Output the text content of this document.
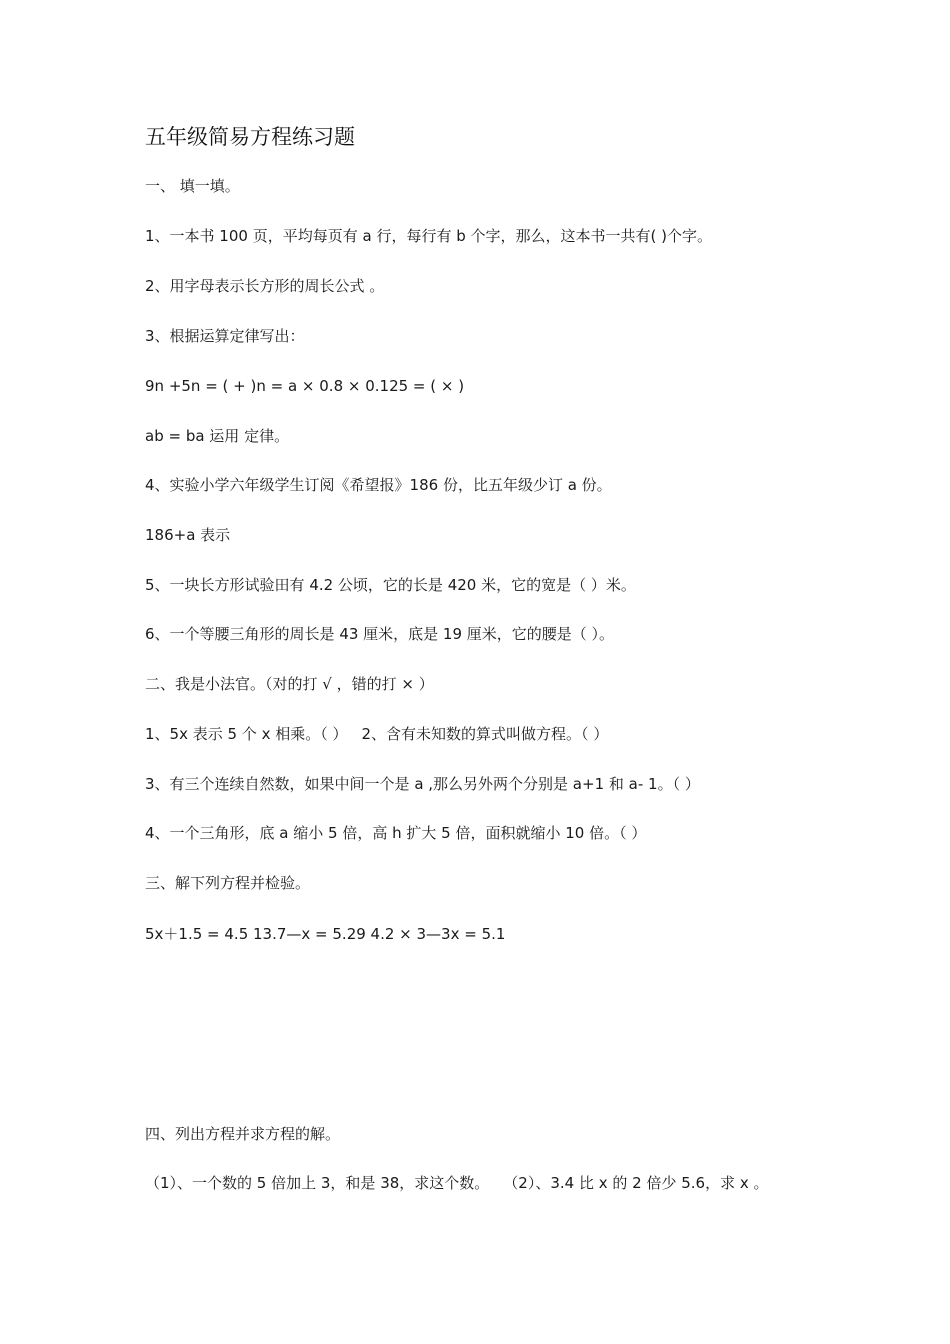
五年级简易方程练习题
一、 填一填。
1、一本书 100 页，平均每页有 a 行，每行有 b 个字，那么，这本书一共有( )个字。
2、用字母表示长方形的周长公式 。
3、根据运算定律写出：
9n +5n = ( + )n = a × 0.8 × 0.125 = ( × )
ab = ba 运用 定律。
4、实验小学六年级学生订阅《希望报》186 份，比五年级少订 a 份。
186+a 表示
5、一块长方形试验田有 4.2 公顷，它的长是 420 米，它的宽是（ ）米。
6、一个等腰三角形的周长是 43 厘米，底是 19 厘米，它的腰是（ ）。
二、我是小法官。（对的打 √ ，错的打 × ）
1、5x 表示 5 个 x 相乘。（ ） 2、含有未知数的算式叫做方程。（ ）
3、有三个连续自然数，如果中间一个是 a ,那么另外两个分别是 a+1 和 a- 1。（ ）
4、一个三角形，底 a 缩小 5 倍，高 h 扩大 5 倍，面积就缩小 10 倍。（ ）
三、解下列方程并检验。
5x＋1.5 = 4.5 13.7—x = 5.29 4.2 × 3—3x = 5.1
四、列出方程并求方程的解。
（1）、一个数的 5 倍加上 3，和是 38，求这个数。 （2）、3.4 比 x 的 2 倍少 5.6，求 x 。
